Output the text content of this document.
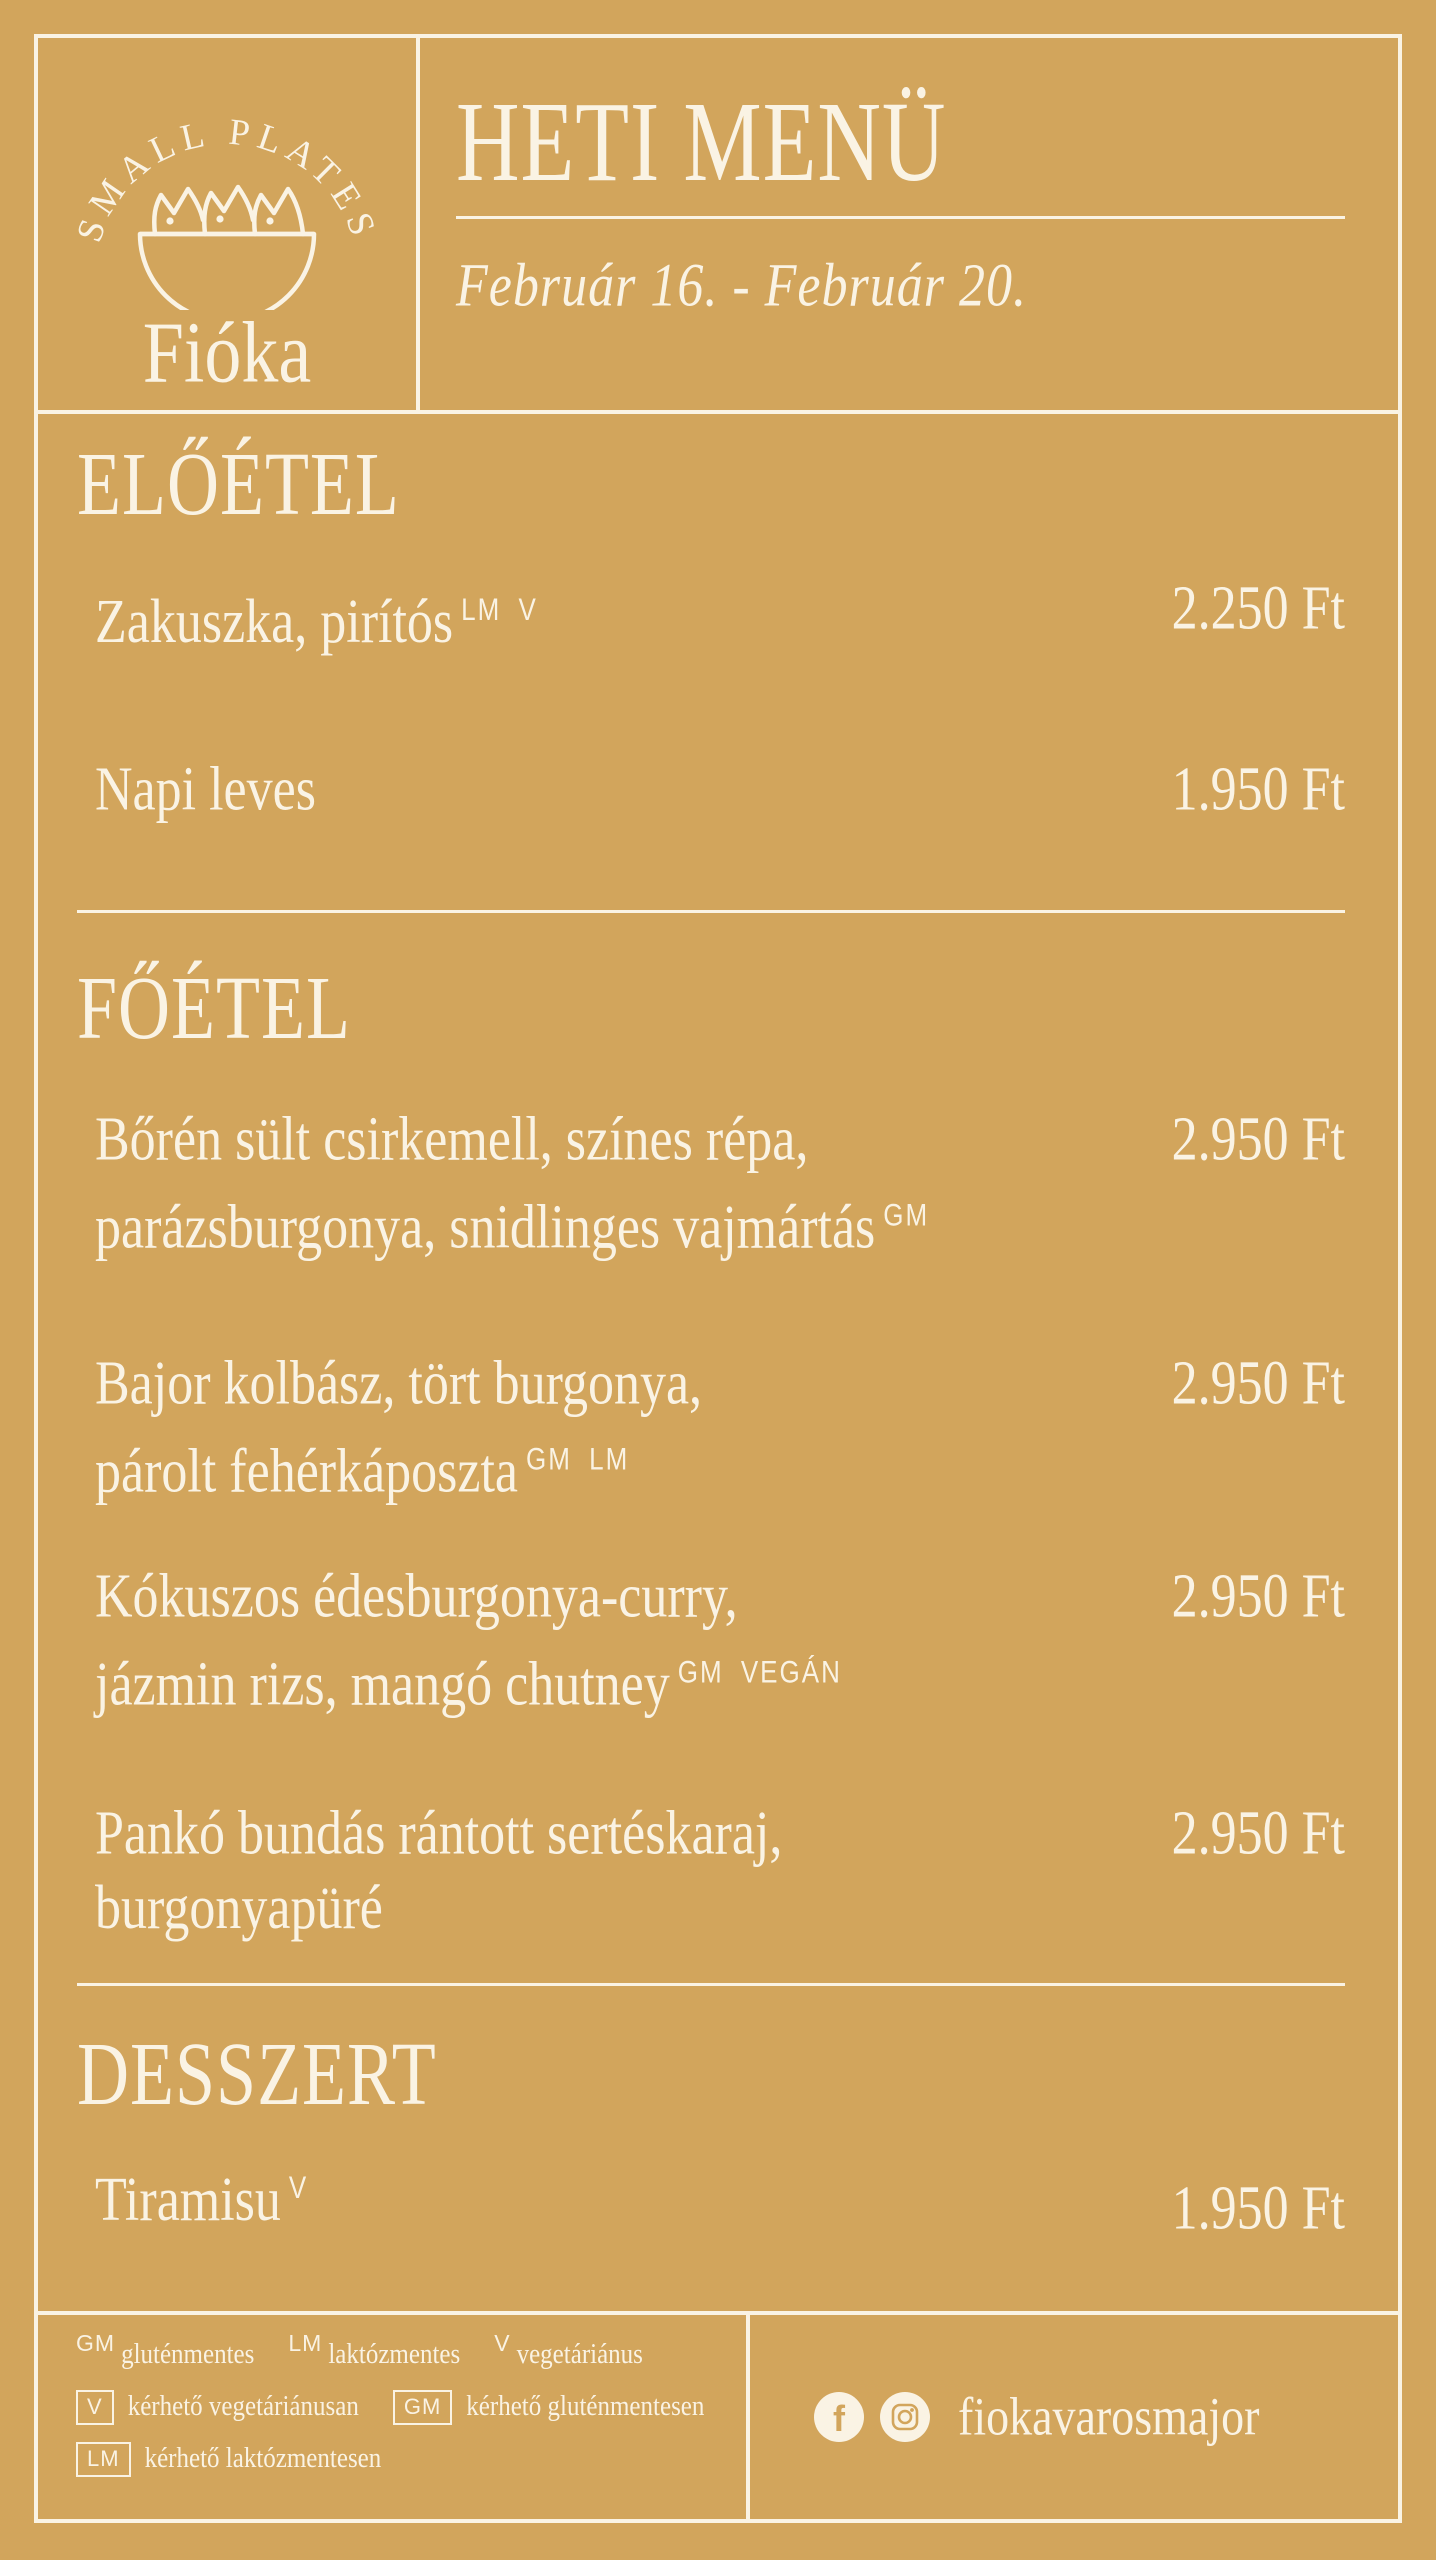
SMALL PLATES
Fióka
HETI MENÜ
Február 16. - Február 20.
ELŐÉTEL
Zakuszka, pirítós $^{LM V}$	2.250 Ft
Napi leves	1.950 Ft
FŐÉTEL
Bőrén sült csirkemell, színes répa,
parázsburgonya, snidlinges vajmártás $^{GM}$
2.950 Ft
Bajor kolbász, tört burgonya,
párolt fehérkáposzta $^{GM LM}$
2.950 Ft
Kókuszos édesburgonya-curry,
jázmin rizs, mangó chutney $^{GM VEGÁN}$
2.950 Ft
Pankó bundás rántott sertéskaraj,
burgonyapüré
2.950 Ft
DESSZERT
Tiramisu $^V$	1.950 Ft
GM gluténmentes LM laktózmentes V vegetáriánus
V	kérhető vegetáriánusan	GM	kérhető gluténmentesen
LM	kérhető laktózmentesen
f fiokavarosmajor
